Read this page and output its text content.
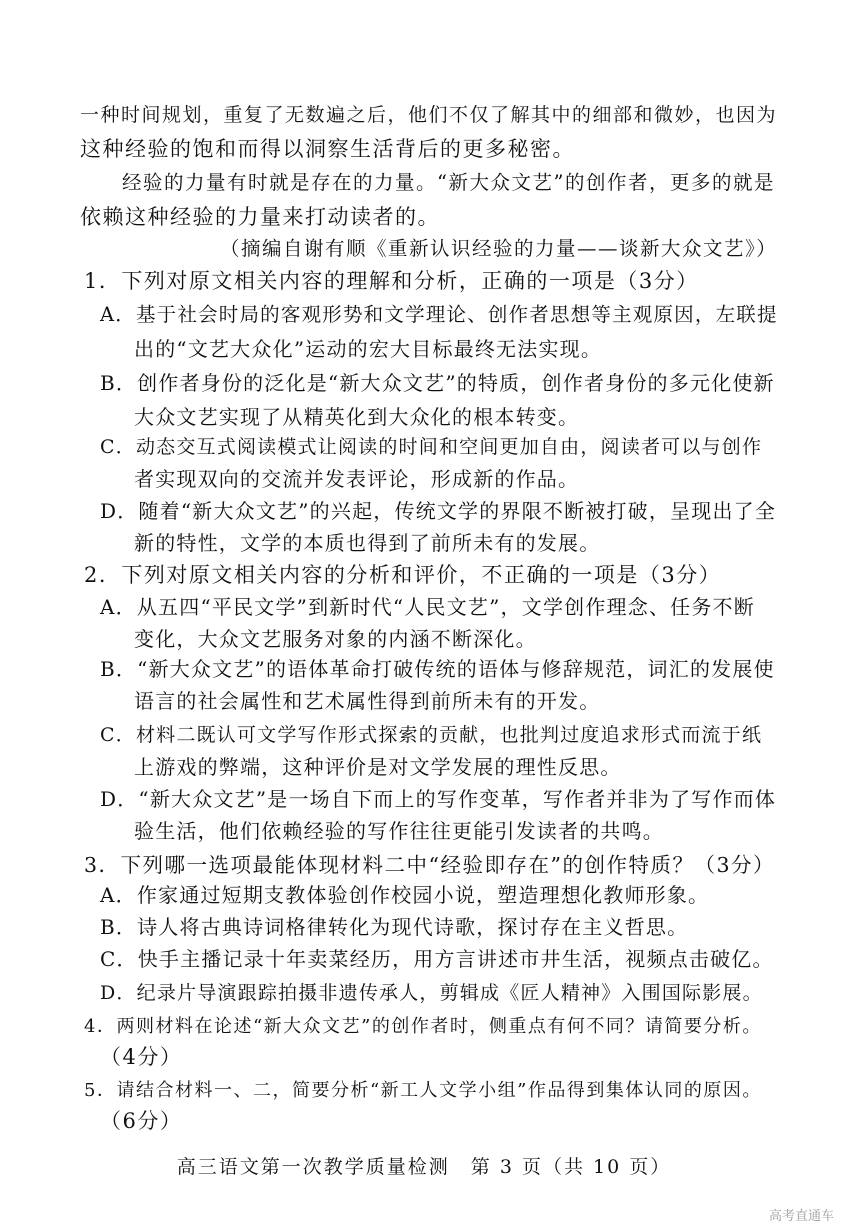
一种时间规划，重复了无数遍之后，他们不仅了解其中的细部和微妙，也因为
这种经验的饱和而得以洞察生活背后的更多秘密。
经验的力量有时就是存在的力量。“新大众文艺”的创作者，更多的就是
依赖这种经验的力量来打动读者的。
（摘编自谢有顺《重新认识经验的力量——谈新大众文艺》）
1．下列对原文相关内容的理解和分析，正确的一项是（3分）
A．基于社会时局的客观形势和文学理论、创作者思想等主观原因，左联提
出的“文艺大众化”运动的宏大目标最终无法实现。
B．创作者身份的泛化是“新大众文艺”的特质，创作者身份的多元化使新
大众文艺实现了从精英化到大众化的根本转变。
C．动态交互式阅读模式让阅读的时间和空间更加自由，阅读者可以与创作
者实现双向的交流并发表评论，形成新的作品。
D．随着“新大众文艺”的兴起，传统文学的界限不断被打破，呈现出了全
新的特性，文学的本质也得到了前所未有的发展。
2．下列对原文相关内容的分析和评价，不正确的一项是（3分）
A．从五四“平民文学”到新时代“人民文艺”，文学创作理念、任务不断
变化，大众文艺服务对象的内涵不断深化。
B．“新大众文艺”的语体革命打破传统的语体与修辞规范，词汇的发展使
语言的社会属性和艺术属性得到前所未有的开发。
C．材料二既认可文学写作形式探索的贡献，也批判过度追求形式而流于纸
上游戏的弊端，这种评价是对文学发展的理性反思。
D．“新大众文艺”是一场自下而上的写作变革，写作者并非为了写作而体
验生活，他们依赖经验的写作往往更能引发读者的共鸣。
3．下列哪一选项最能体现材料二中“经验即存在”的创作特质？（3分）
A．作家通过短期支教体验创作校园小说，塑造理想化教师形象。
B．诗人将古典诗词格律转化为现代诗歌，探讨存在主义哲思。
C．快手主播记录十年卖菜经历，用方言讲述市井生活，视频点击破亿。
D．纪录片导演跟踪拍摄非遗传承人，剪辑成《匠人精神》入围国际影展。
4．两则材料在论述“新大众文艺”的创作者时，侧重点有何不同？请简要分析。
（4分）
5．请结合材料一、二，简要分析“新工人文学小组”作品得到集体认同的原因。
（6分）
高三语文第一次教学质量检测　第 3 页（共 10 页）
高考直通车
